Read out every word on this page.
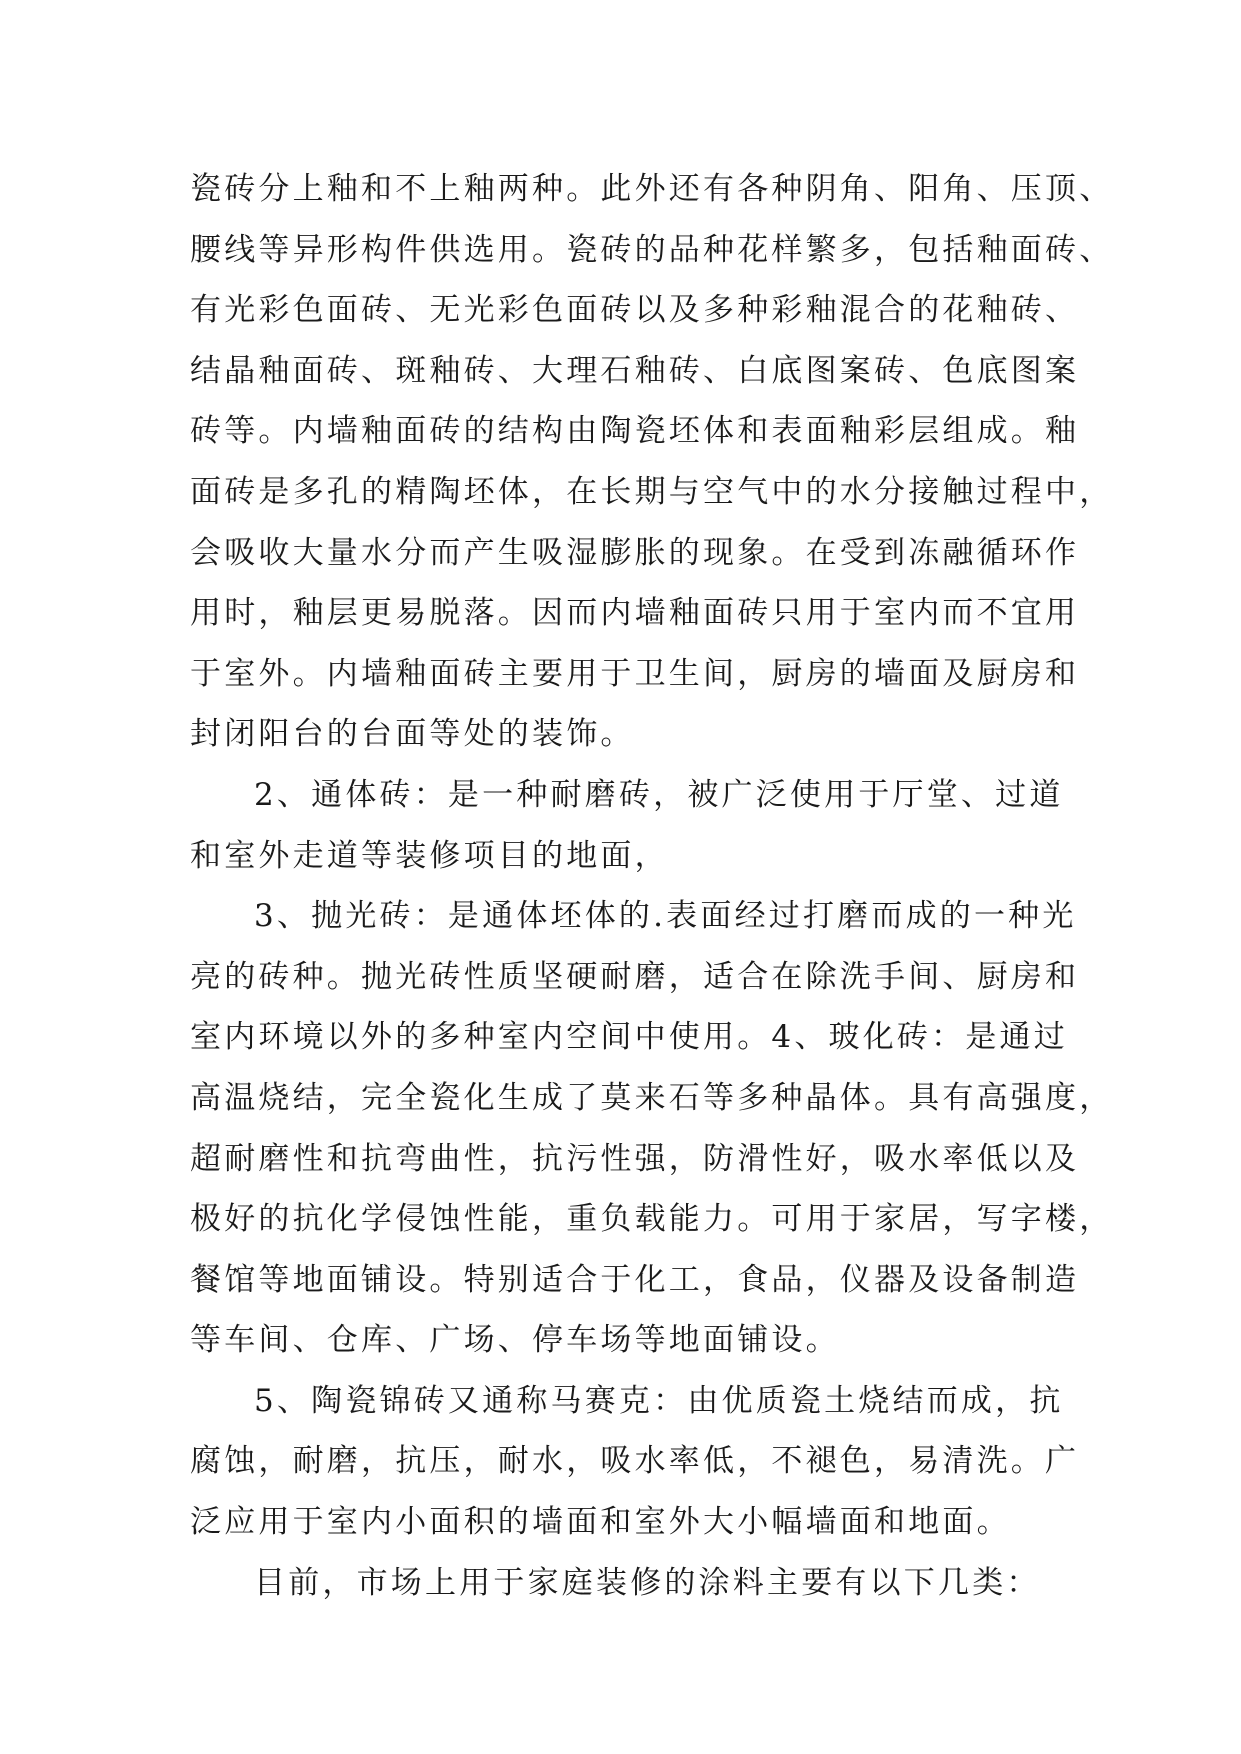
瓷砖分上釉和不上釉两种。此外还有各种阴角、阳角、压顶、
腰线等异形构件供选用。瓷砖的品种花样繁多，包括釉面砖、
有光彩色面砖、无光彩色面砖以及多种彩釉混合的花釉砖、
结晶釉面砖、斑釉砖、大理石釉砖、白底图案砖、色底图案
砖等。内墙釉面砖的结构由陶瓷坯体和表面釉彩层组成。釉
面砖是多孔的精陶坯体，在长期与空气中的水分接触过程中，
会吸收大量水分而产生吸湿膨胀的现象。在受到冻融循环作
用时，釉层更易脱落。因而内墙釉面砖只用于室内而不宜用
于室外。内墙釉面砖主要用于卫生间，厨房的墙面及厨房和
封闭阳台的台面等处的装饰。
2、通体砖：是一种耐磨砖，被广泛使用于厅堂、过道
和室外走道等装修项目的地面，
3、抛光砖：是通体坯体的.表面经过打磨而成的一种光
亮的砖种。抛光砖性质坚硬耐磨，适合在除洗手间、厨房和
室内环境以外的多种室内空间中使用。4、玻化砖：是通过
高温烧结，完全瓷化生成了莫来石等多种晶体。具有高强度，
超耐磨性和抗弯曲性，抗污性强，防滑性好，吸水率低以及
极好的抗化学侵蚀性能，重负载能力。可用于家居，写字楼，
餐馆等地面铺设。特别适合于化工，食品，仪器及设备制造
等车间、仓库、广场、停车场等地面铺设。
5、陶瓷锦砖又通称马赛克：由优质瓷土烧结而成，抗
腐蚀，耐磨，抗压，耐水，吸水率低，不褪色，易清洗。广
泛应用于室内小面积的墙面和室外大小幅墙面和地面。
目前，市场上用于家庭装修的涂料主要有以下几类：
